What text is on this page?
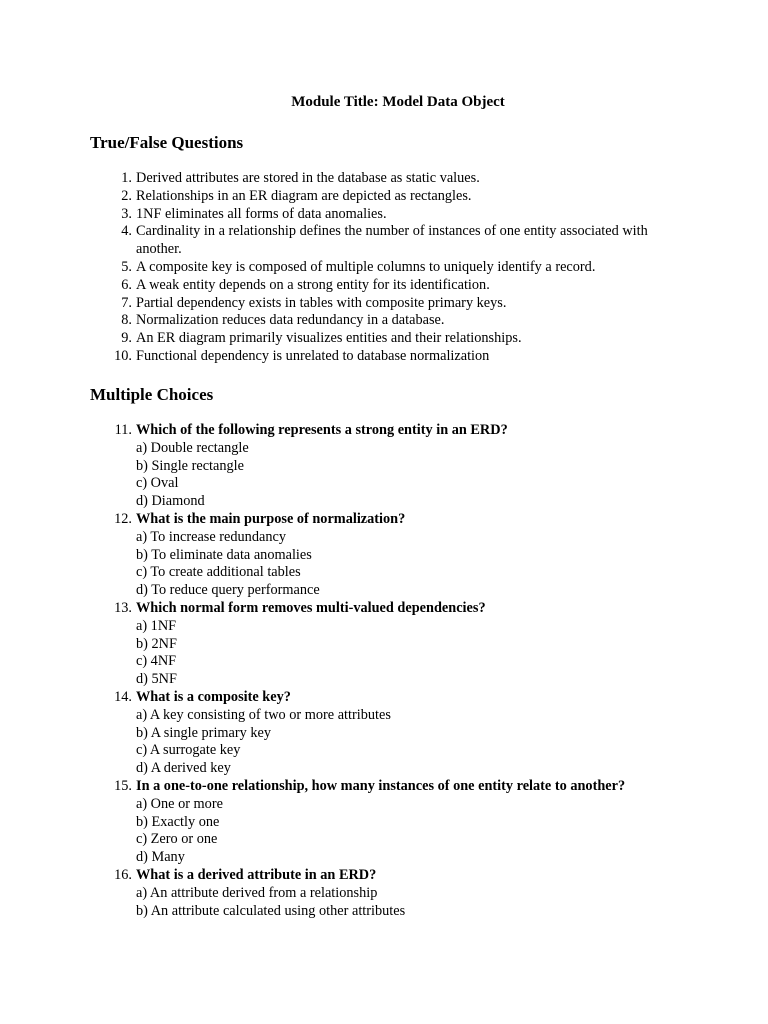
Module Title: Model Data Object
True/False Questions
1. Derived attributes are stored in the database as static values.
2. Relationships in an ER diagram are depicted as rectangles.
3. 1NF eliminates all forms of data anomalies.
4. Cardinality in a relationship defines the number of instances of one entity associated with another.
5. A composite key is composed of multiple columns to uniquely identify a record.
6. A weak entity depends on a strong entity for its identification.
7. Partial dependency exists in tables with composite primary keys.
8. Normalization reduces data redundancy in a database.
9. An ER diagram primarily visualizes entities and their relationships.
10. Functional dependency is unrelated to database normalization
Multiple Choices
11. Which of the following represents a strong entity in an ERD?
a) Double rectangle
b) Single rectangle
c) Oval
d) Diamond
12. What is the main purpose of normalization?
a) To increase redundancy
b) To eliminate data anomalies
c) To create additional tables
d) To reduce query performance
13. Which normal form removes multi-valued dependencies?
a) 1NF
b) 2NF
c) 4NF
d) 5NF
14. What is a composite key?
a) A key consisting of two or more attributes
b) A single primary key
c) A surrogate key
d) A derived key
15. In a one-to-one relationship, how many instances of one entity relate to another?
a) One or more
b) Exactly one
c) Zero or one
d) Many
16. What is a derived attribute in an ERD?
a) An attribute derived from a relationship
b) An attribute calculated using other attributes
